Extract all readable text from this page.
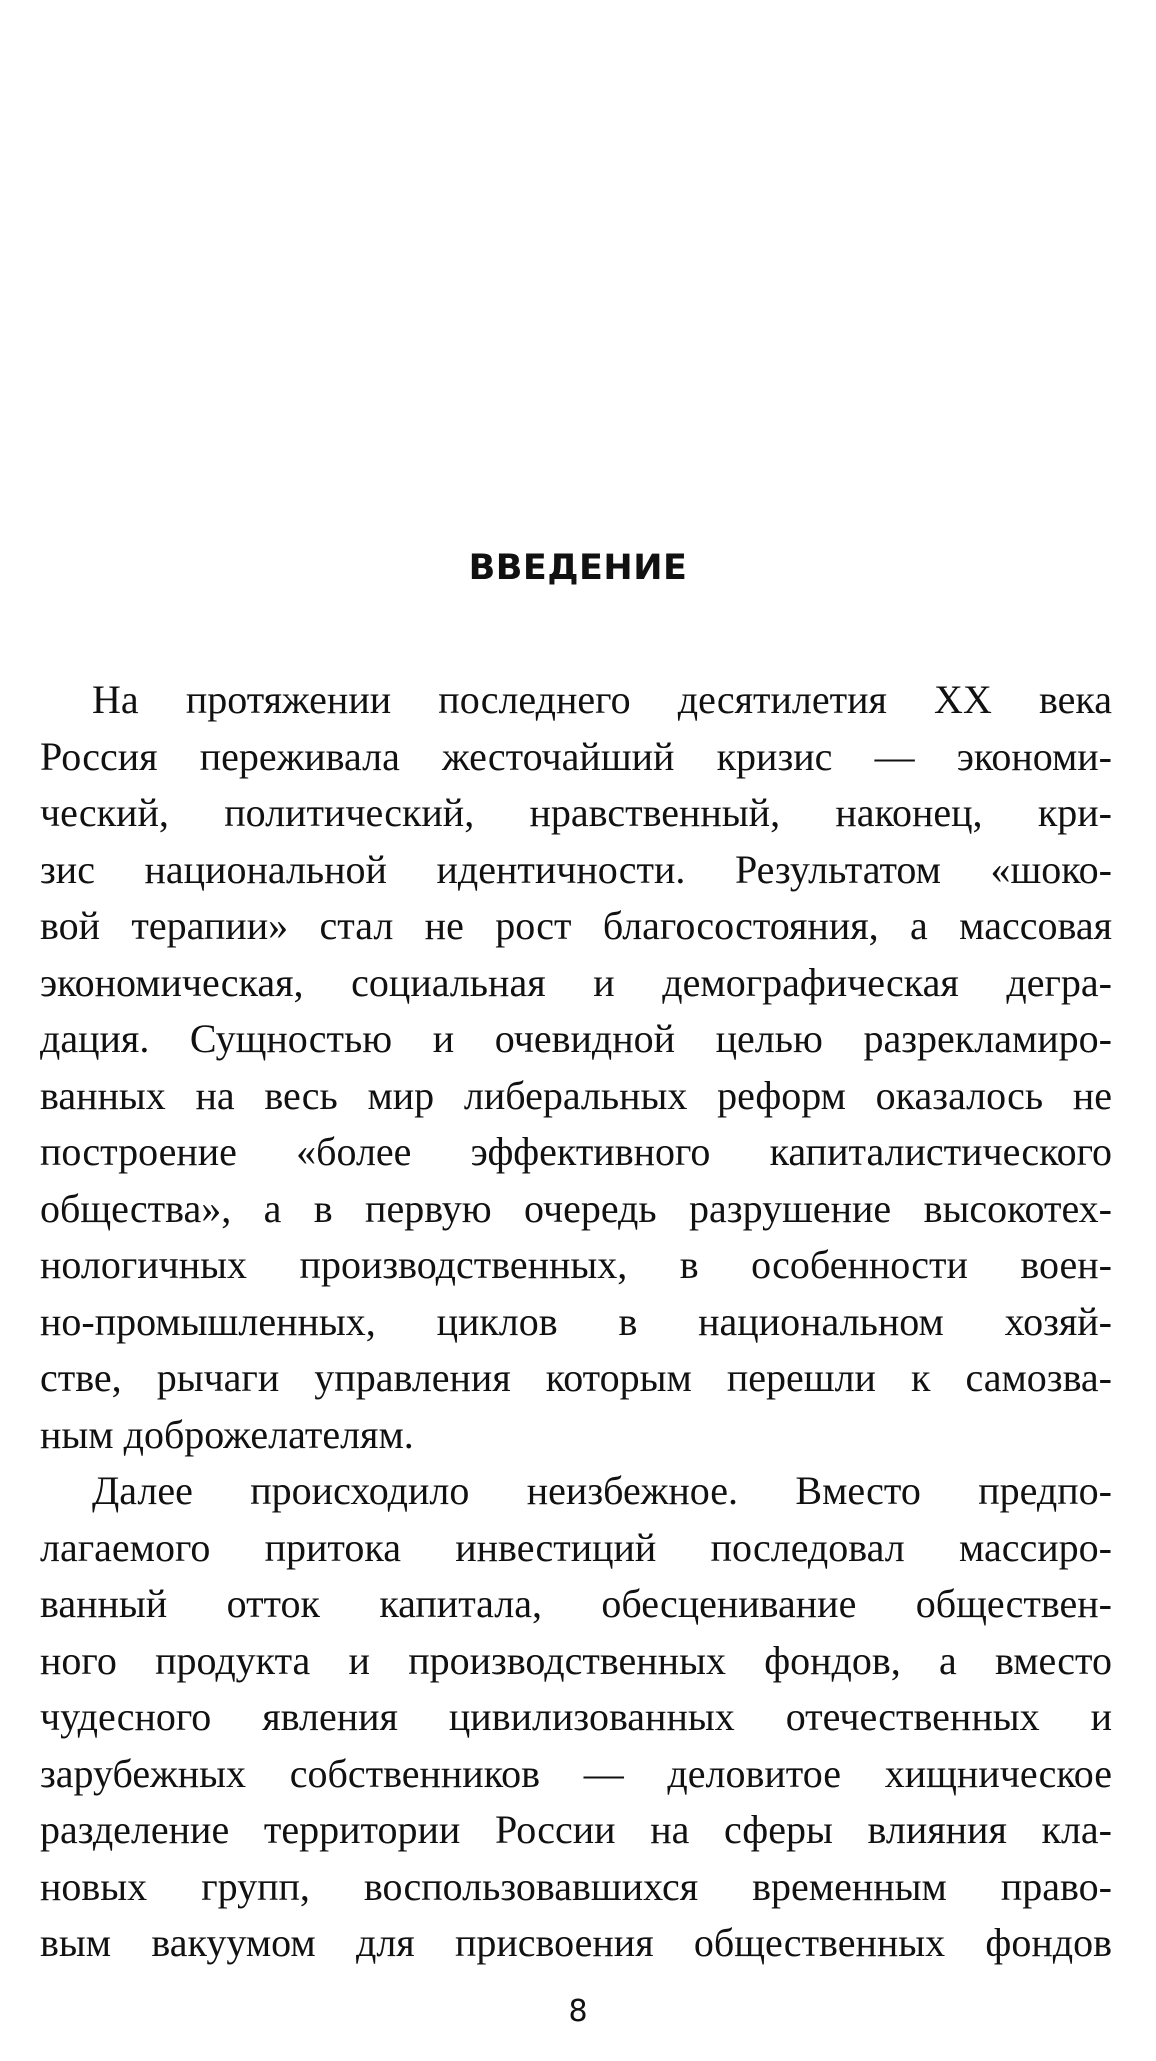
ВВЕДЕНИЕ
На протяжении последнего десятилетия XX века
Россия переживала жесточайший кризис — экономи-
ческий, политический, нравственный, наконец, кри-
зис национальной идентичности. Результатом «шоко-
вой терапии» стал не рост благосостояния, а массовая
экономическая, социальная и демографическая дегра-
дация. Сущностью и очевидной целью разрекламиро-
ванных на весь мир либеральных реформ оказалось не
построение «более эффективного капиталистического
общества», а в первую очередь разрушение высокотех-
нологичных производственных, в особенности воен-
но-промышленных, циклов в национальном хозяй-
стве, рычаги управления которым перешли к самозва-
ным доброжелателям.
Далее происходило неизбежное. Вместо предпо-
лагаемого притока инвестиций последовал массиро-
ванный отток капитала, обесценивание обществен-
ного продукта и производственных фондов, а вместо
чудесного явления цивилизованных отечественных и
зарубежных собственников — деловитое хищническое
разделение территории России на сферы влияния кла-
новых групп, воспользовавшихся временным право-
вым вакуумом для присвоения общественных фондов
8
